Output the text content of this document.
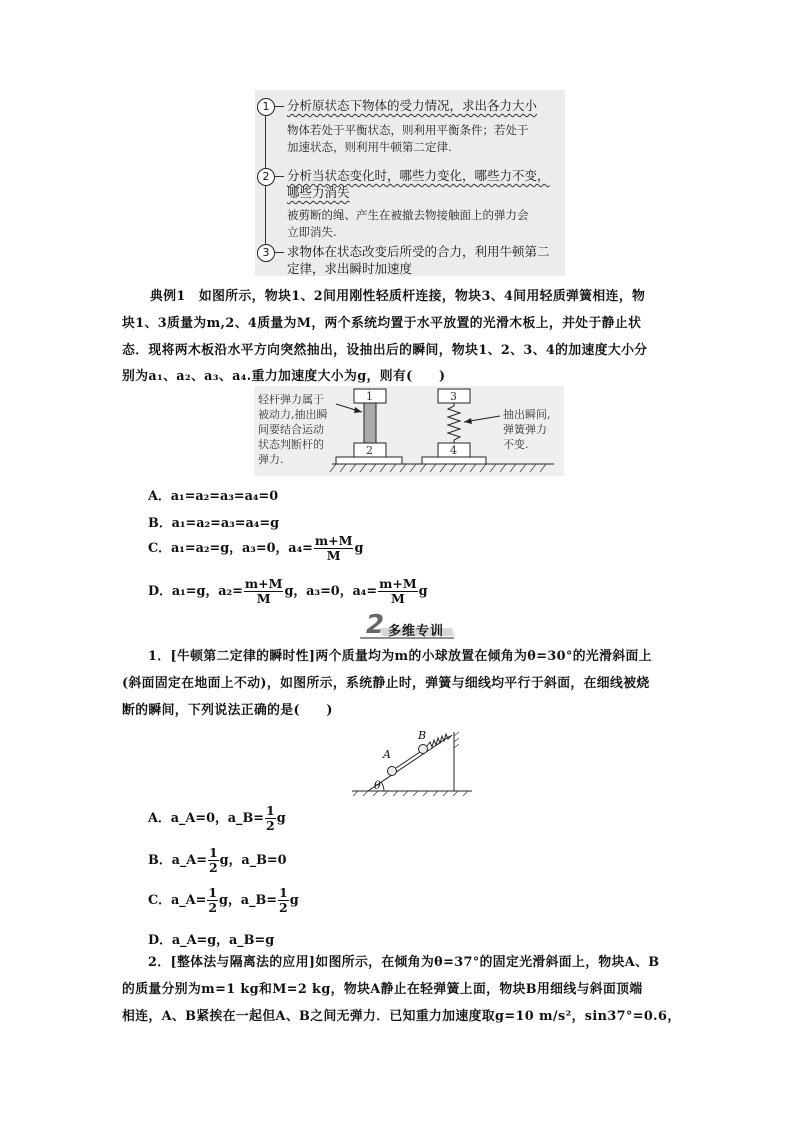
1	分析原状态下物体的受力情况，求出各力大小
物体若处于平衡状态，则利用平衡条件；若处于
加速状态，则利用牛顿第二定律.
2	分析当状态变化时，哪些力变化，哪些力不变，
哪些力消失
被剪断的绳、产生在被撤去物接触面上的弹力会
立即消失.
3	求物体在状态改变后所受的合力，利用牛顿第二
定律，求出瞬时加速度
典例1　如图所示，物块1、2间用刚性轻质杆连接，物块3、4间用轻质弹簧相连，物
块1、3质量为m,2、4质量为M，两个系统均置于水平放置的光滑木板上，并处于静止状
态．现将两木板沿水平方向突然抽出，设抽出后的瞬间，物块1、2、3、4的加速度大小分
别为a₁、a₂、a₃、a₄.重力加速度大小为g，则有(　　)
轻杆弹力属于
被动力,抽出瞬
间要结合运动
状态判断杆的
弹力.
抽出瞬间,
弹簧弹力
不变.
1
2
3
4
A．a₁=a₂=a₃=a₄=0
B．a₁=a₂=a₃=a₄=g
C．a₁=a₂=g，a₃=0，$a_4= \frac{m+M}{M}$ g
D．a₁=g，$a_2= \frac{m+M}{M}$ g，a₃=0，$a_4= \frac{m+M}{M}$ g
2 多维专训
1．[牛顿第二定律的瞬时性]两个质量均为m的小球放置在倾角为θ=30°的光滑斜面上
(斜面固定在地面上不动)，如图所示，系统静止时，弹簧与细线均平行于斜面，在细线被烧
断的瞬间，下列说法正确的是(　　)
A
B
θ
A．a_A=0，a_B= $\frac{1}{2}$ g
B．a_A= $\frac{1}{2}$ g，a_B=0
C．a_A= $\frac{1}{2}$ g，a_B= $\frac{1}{2}$ g
D．a_A=g，a_B=g
2．[整体法与隔离法的应用]如图所示，在倾角为θ=37°的固定光滑斜面上，物块A、B
的质量分别为m=1 kg和M=2 kg，物块A静止在轻弹簧上面，物块B用细线与斜面顶端
相连，A、B紧挨在一起但A、B之间无弹力．已知重力加速度取g=10 m/s²，sin37°=0.6，
